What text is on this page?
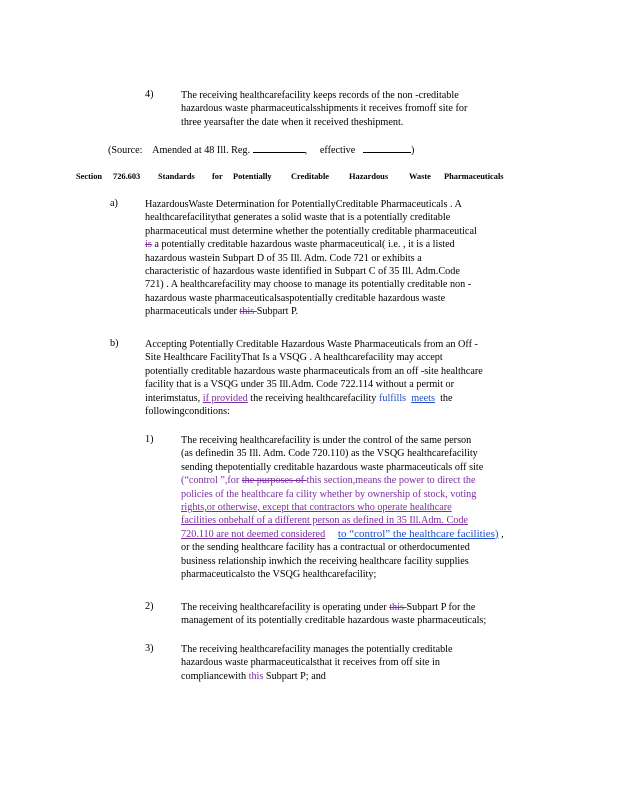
4)	The receiving healthcarefacility keeps records of the non -creditable
hazardous waste pharmaceuticalsshipments it receives fromoff site for
three yearsafter the date when it received theshipment.
(Source: Amended at 48 Ill. Reg.	, effective	)
Section 726.603 Standards for Potentially Creditable Hazardous Waste Pharmaceuticals
a)	HazardousWaste Determination for PotentiallyCreditable Pharmaceuticals . A
healthcarefacilitythat generates a solid waste that is a potentially creditable
pharmaceutical must determine whether the potentially creditable pharmaceutical
is a potentially creditable hazardous waste pharmaceutical( i.e. , it is a listed
hazardous wastein Subpart D of 35 Ill. Adm. Code 721 or exhibits a
characteristic of hazardous waste identified in Subpart C of 35 Ill. Adm.Code
721) . A healthcarefacility may choose to manage its potentially creditable non -
hazardous waste pharmaceuticalsaspotentially creditable hazardous waste
pharmaceuticals under this Subpart P.
b)	Accepting Potentially Creditable Hazardous Waste Pharmaceuticals from an Off -
Site Healthcare FacilityThat Is a VSQG . A healthcarefacility may accept
potentially creditable hazardous waste pharmaceuticals from an off -site healthcare
facility that is a VSQG under 35 Ill.Adm. Code 722.114 without a permit or
interimstatus, if provided the receiving healthcarefacility fulfills meets the
followingconditions:
1)	The receiving healthcarefacility is under the control of the same person
(as definedin 35 Ill. Adm. Code 720.110) as the VSQG healthcarefacility
sending thepotentially creditable hazardous waste pharmaceuticals off site
(“control ”,for the purposes of this section,means the power to direct the
policies of the healthcare fa cility whether by ownership of stock, voting
rights,or otherwise, except that contractors who operate healthcare
facilities onbehalf of a different person as defined in 35 Ill.Adm. Code
720.110 are not deemed considered to “control” the healthcare facilities) ,
or the sending healthcare facility has a contractual or otherdocumented
business relationship inwhich the receiving healthcare facility supplies
pharmaceuticalsto the VSQG healthcarefacility;
2)	The receiving healthcarefacility is operating under this Subpart P for the
management of its potentially creditable hazardous waste pharmaceuticals;
3)	The receiving healthcarefacility manages the potentially creditable
hazardous waste pharmaceuticalsthat it receives from off site in
compliancewith this Subpart P; and
